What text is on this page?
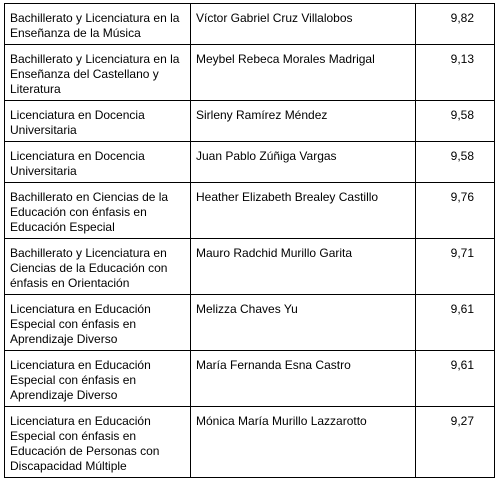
Bachillerato y Licenciatura en la Enseñanza de la Música	Víctor Gabriel Cruz Villalobos	9,82
Bachillerato y Licenciatura en la Enseñanza del Castellano y Literatura	Meybel Rebeca Morales Madrigal	9,13
Licenciatura en Docencia Universitaria	Sirleny Ramírez Méndez	9,58
Licenciatura en Docencia Universitaria	Juan Pablo Zúñiga Vargas	9,58
Bachillerato en Ciencias de la Educación con énfasis en Educación Especial	Heather Elizabeth Brealey Castillo	9,76
Bachillerato y Licenciatura en Ciencias de la Educación con énfasis en Orientación	Mauro Radchid Murillo Garita	9,71
Licenciatura en Educación Especial con énfasis en Aprendizaje Diverso	Melizza Chaves Yu	9,61
Licenciatura en Educación Especial con énfasis en Aprendizaje Diverso	María Fernanda Esna Castro	9,61
Licenciatura en Educación Especial con énfasis en Educación de Personas con Discapacidad Múltiple	Mónica María Murillo Lazzarotto	9,27
